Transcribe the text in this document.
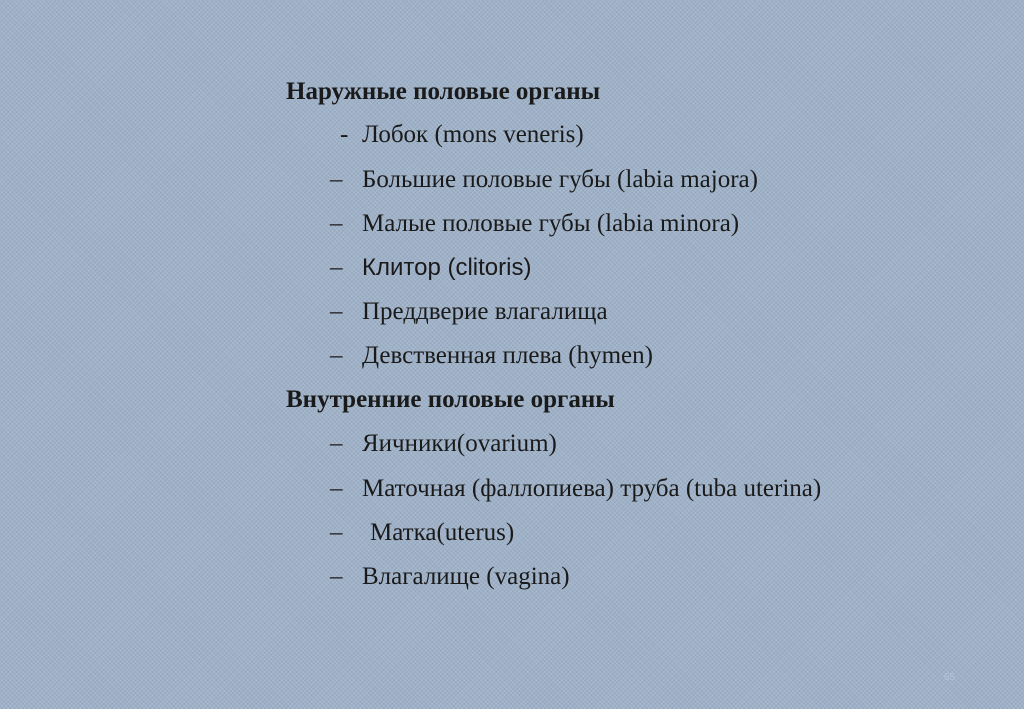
Наружные половые органы
- Лобок (mons veneris)
– Большие половые губы (labia majora)
– Малые половые губы (labia minora)
– Клитор (clitoris)
– Преддверие влагалища
– Девственная плева (hymen)
Внутренние половые органы
– Яичники(ovarium)
– Маточная (фаллопиева) труба (tuba uterina)
– Матка(uterus)
– Влагалище (vagina)
65
